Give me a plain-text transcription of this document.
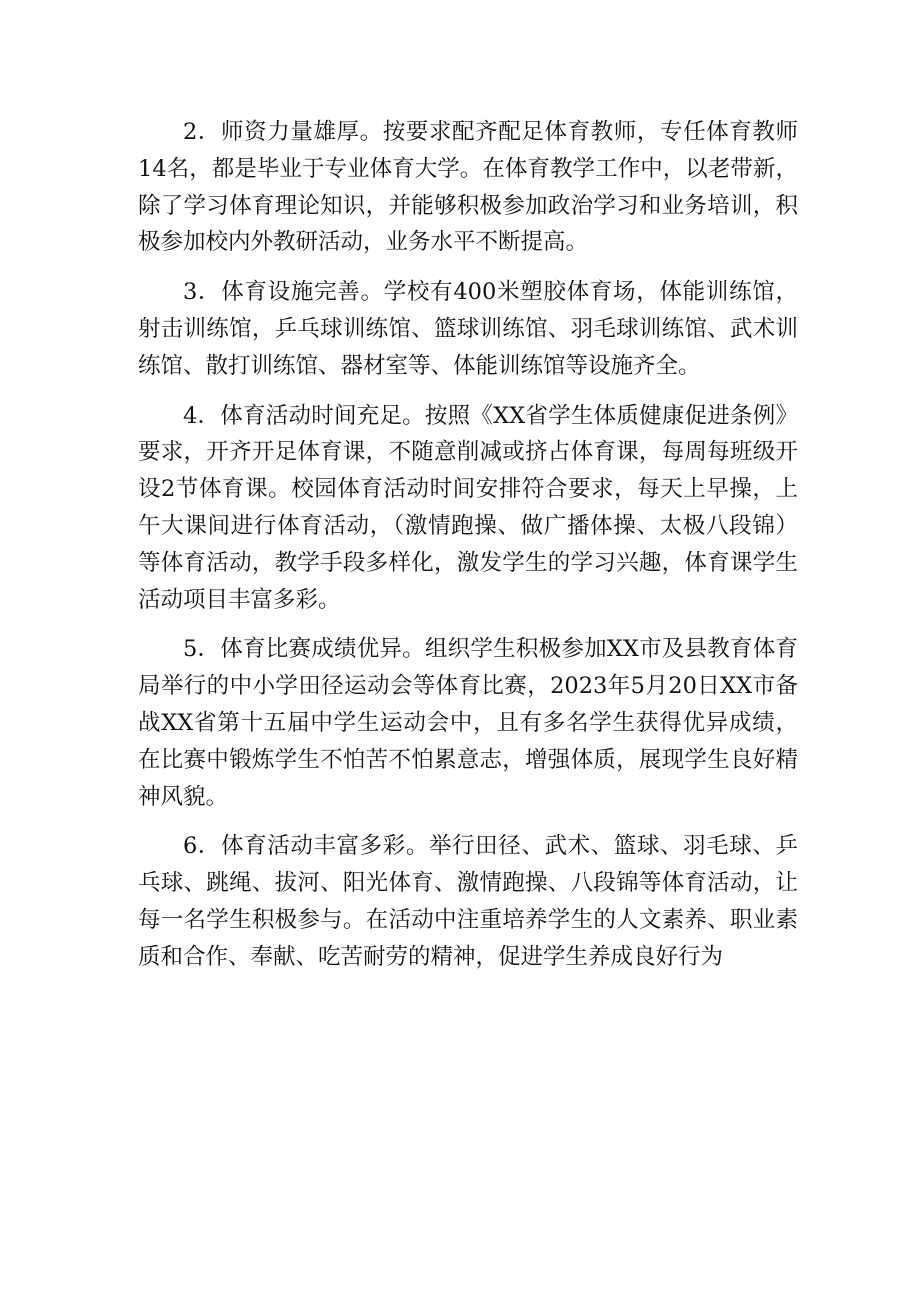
2．师资力量雄厚。按要求配齐配足体育教师，专任体育教师14名，都是毕业于专业体育大学。在体育教学工作中，以老带新，除了学习体育理论知识，并能够积极参加政治学习和业务培训，积极参加校内外教研活动，业务水平不断提高。

3．体育设施完善。学校有400米塑胶体育场，体能训练馆，射击训练馆，乒乓球训练馆、篮球训练馆、羽毛球训练馆、武术训练馆、散打训练馆、器材室等、体能训练馆等设施齐全。

4．体育活动时间充足。按照《XX省学生体质健康促进条例》要求，开齐开足体育课，不随意削减或挤占体育课，每周每班级开设2节体育课。校园体育活动时间安排符合要求，每天上早操，上午大课间进行体育活动，（激情跑操、做广播体操、太极八段锦）等体育活动，教学手段多样化，激发学生的学习兴趣，体育课学生活动项目丰富多彩。

5．体育比赛成绩优异。组织学生积极参加XX市及县教育体育局举行的中小学田径运动会等体育比赛，2023年5月20日XX市备战XX省第十五届中学生运动会中，且有多名学生获得优异成绩，在比赛中锻炼学生不怕苦不怕累意志，增强体质，展现学生良好精神风貌。

6．体育活动丰富多彩。举行田径、武术、篮球、羽毛球、乒乓球、跳绳、拔河、阳光体育、激情跑操、八段锦等体育活动，让每一名学生积极参与。在活动中注重培养学生的人文素养、职业素质和合作、奉献、吃苦耐劳的精神，促进学生养成良好行为
